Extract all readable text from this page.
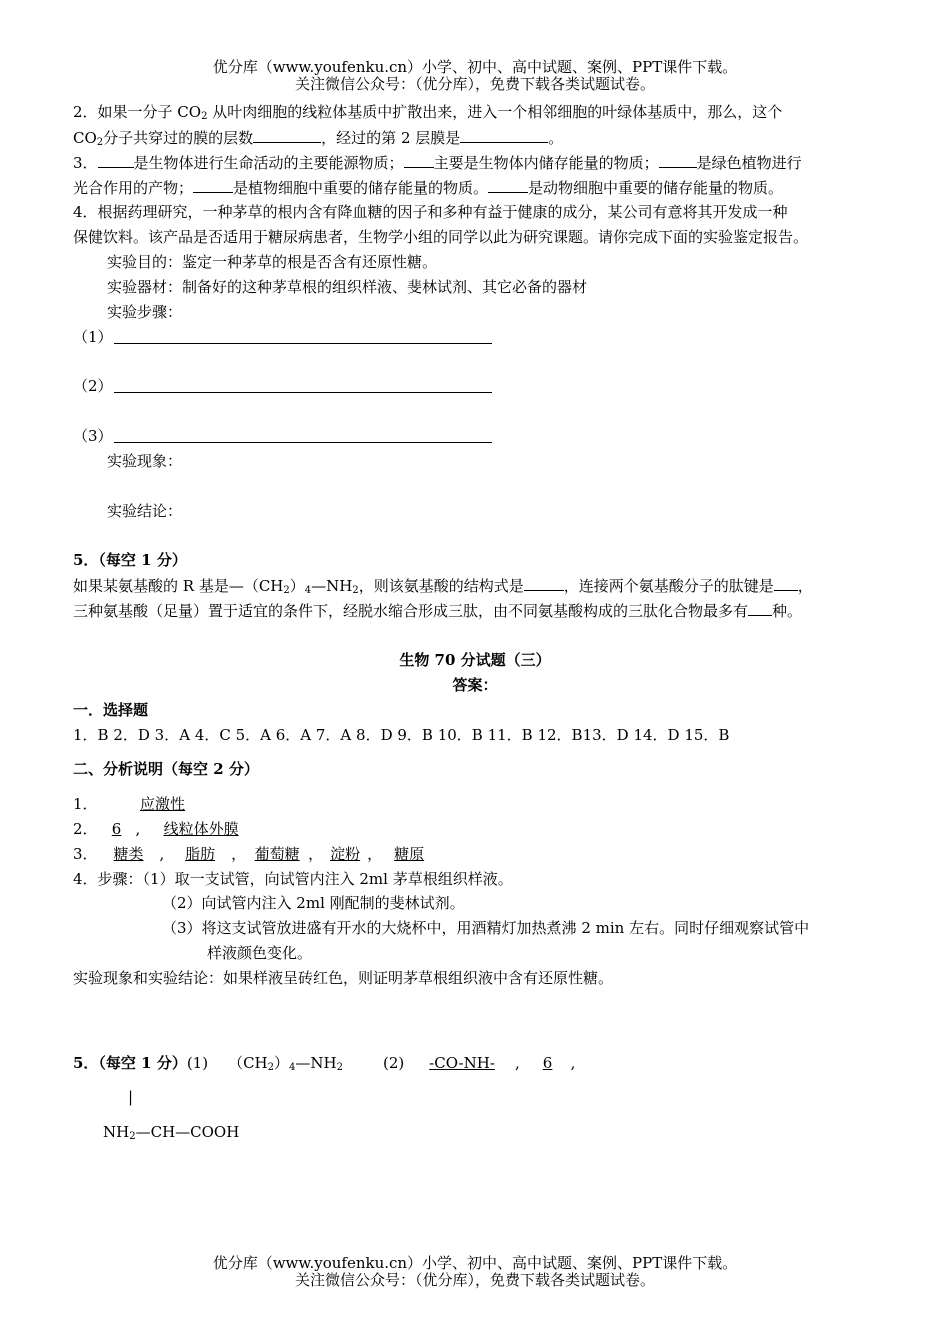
优分库（www.youfenku.cn）小学、初中、高中试题、案例、PPT课件下载。
关注微信公众号：（优分库），免费下载各类试题试卷。
2．如果一分子 $CO_2$ 从叶肉细胞的线粒体基质中扩散出来，进入一个相邻细胞的叶绿体基质中，那么，这个
$CO_2$分子共穿过的膜的层数	，经过的第 2 层膜是	。
3． 是生物体进行生命活动的主要能源物质； 主要是生物体内储存能量的物质；	是绿色植物进行
光合作用的产物；	是植物细胞中重要的储存能量的物质。	是动物细胞中重要的储存能量的物质。
4．根据药理研究，一种茅草的根内含有降血糖的因子和多种有益于健康的成分，某公司有意将其开发成一种
保健饮料。该产品是否适用于糖尿病患者，生物学小组的同学以此为研究课题。请你完成下面的实验鉴定报告。
实验目的：鉴定一种茅草的根是否含有还原性糖。
实验器材：制备好的这种茅草根的组织样液、斐林试剂、其它必备的器材
实验步骤：
（1）
（2）
（3）
实验现象：
实验结论：
5．（每空 1 分）
如果某氨基酸的 R 基是$—(CH_2)_4—NH_2$，则该氨基酸的结构式是	，连接两个氨基酸分子的肽键是 ，
三种氨基酸（足量）置于适宜的条件下，经脱水缩合形成三肽，由不同氨基酸构成的三肽化合物最多有 种。
生物 70 分试题（三）
答案：
一．选择题
1．B 2．D 3．A 4．C 5．A 6．A 7．A 8．D 9．B 10．B 11．B 12．B13．D 14．D 15．B
二、分析说明（每空 2 分）
1．	应激性
2． 6 , 线粒体外膜
3． 糖类 , 脂肪 ， 葡萄糖 ， 淀粉 ， 糖原
4．步骤：（1）取一支试管，向试管内注入 2ml 茅草根组织样液。
（2）向试管内注入 2ml 刚配制的斐林试剂。
（3）将这支试管放进盛有开水的大烧杯中，用酒精灯加热煮沸 2 min 左右。同时仔细观察试管中
样液颜色变化。
实验现象和实验结论：如果样液呈砖红色，则证明茅草根组织液中含有还原性糖。
5．（每空 1 分）(1) $(CH_2)_4—NH_2$	(2) -CO-NH- , 6 ,
|
$NH_2—CH—COOH$
优分库（www.youfenku.cn）小学、初中、高中试题、案例、PPT课件下载。
关注微信公众号：（优分库），免费下载各类试题试卷。
